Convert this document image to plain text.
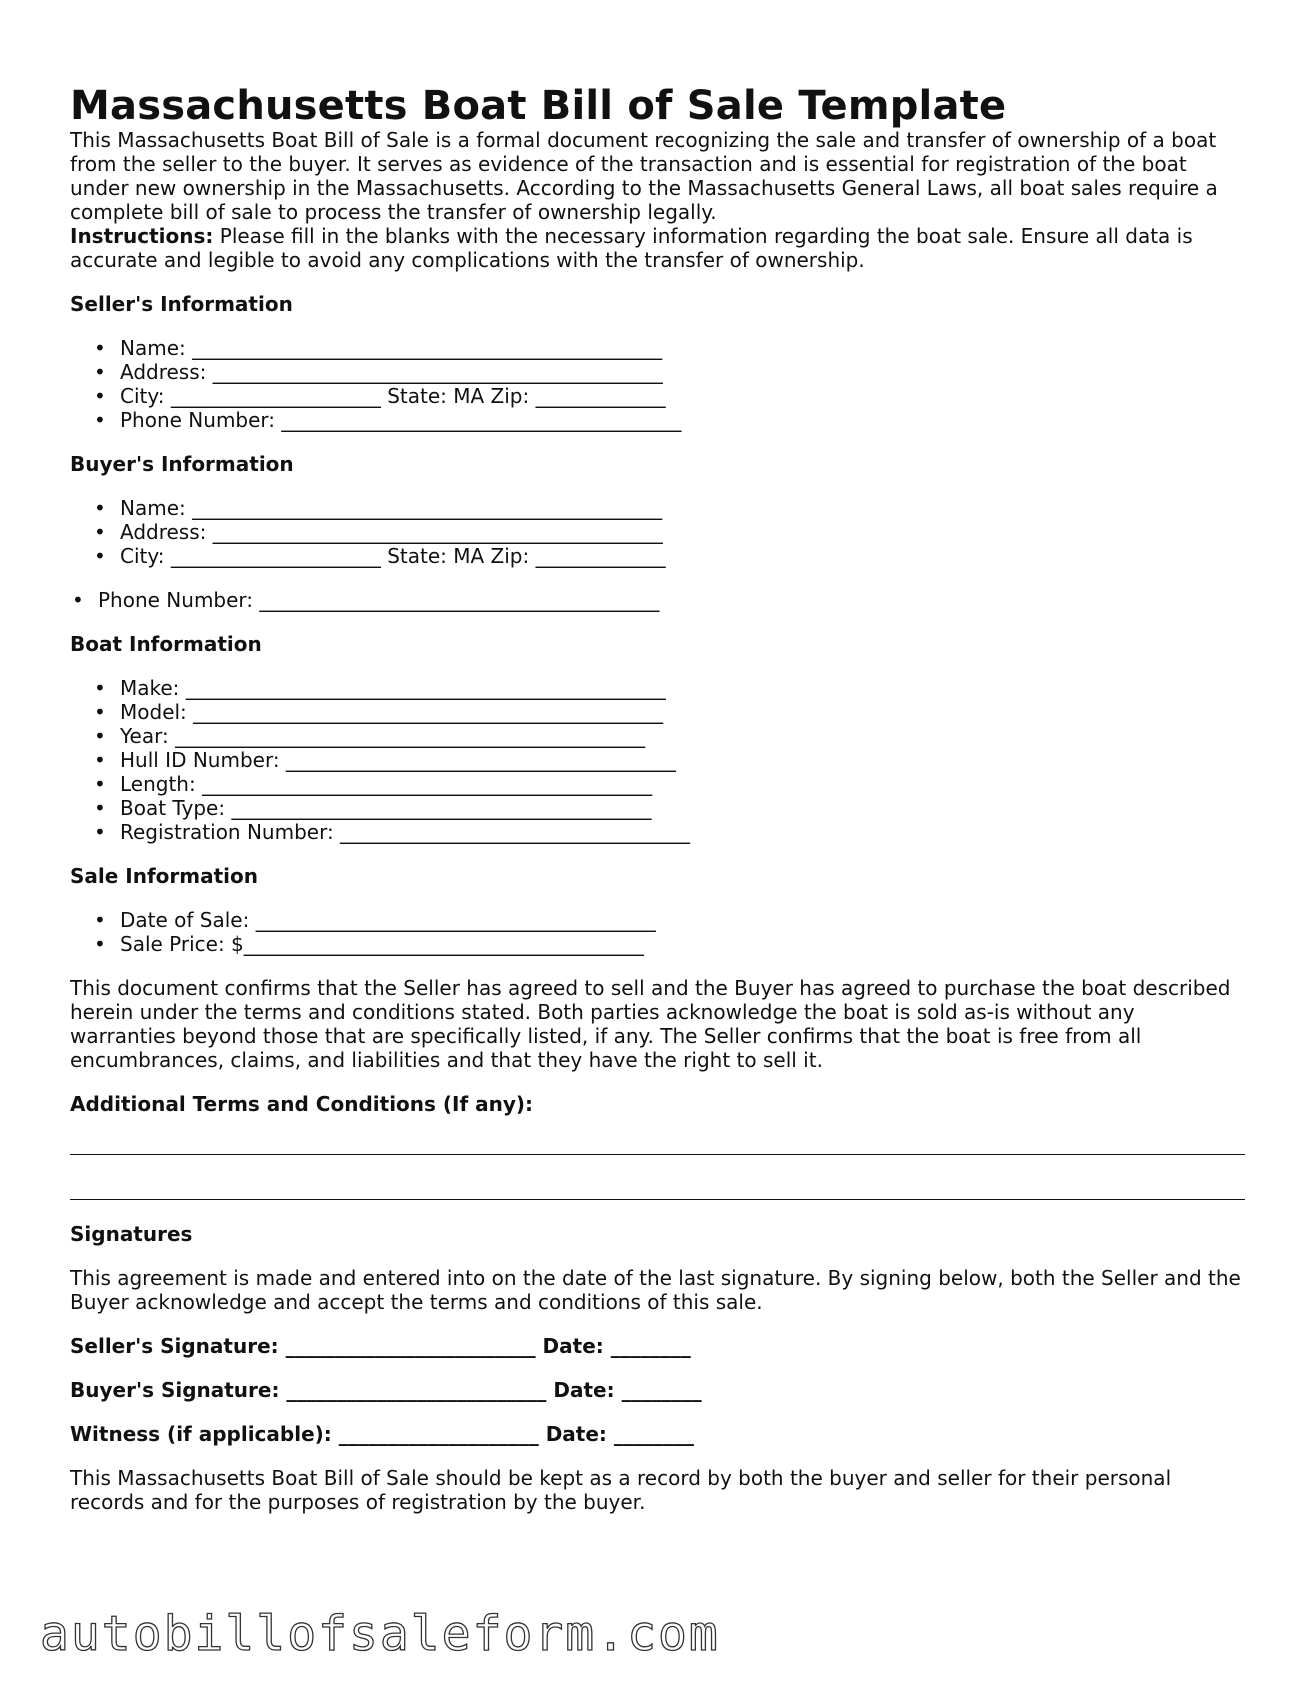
Massachusetts Boat Bill of Sale Template

This Massachusetts Boat Bill of Sale is a formal document recognizing the sale and transfer of ownership of a boat from the seller to the buyer. It serves as evidence of the transaction and is essential for registration of the boat under new ownership in the Massachusetts. According to the Massachusetts General Laws, all boat sales require a complete bill of sale to process the transfer of ownership legally.

Instructions: Please fill in the blanks with the necessary information regarding the boat sale. Ensure all data is accurate and legible to avoid any complications with the transfer of ownership.

Seller's Information
• Name: _______________________________________________
• Address: _____________________________________________
• City: _____________________ State: MA Zip: _____________
• Phone Number: ________________________________________
Buyer's Information
• Name: _______________________________________________
• Address: _____________________________________________
• City: _____________________ State: MA Zip: _____________
• Phone Number: ________________________________________
Boat Information
• Make: ________________________________________________
• Model: _______________________________________________
• Year: _______________________________________________
• Hull ID Number: _______________________________________
• Length: _____________________________________________
• Boat Type: __________________________________________
• Registration Number: ___________________________________
Sale Information
• Date of Sale: ________________________________________
• Sale Price: $________________________________________

This document confirms that the Seller has agreed to sell and the Buyer has agreed to purchase the boat described herein under the terms and conditions stated. Both parties acknowledge the boat is sold as-is without any warranties beyond those that are specifically listed, if any. The Seller confirms that the boat is free from all encumbrances, claims, and liabilities and that they have the right to sell it.

Additional Terms and Conditions (If any):
Signatures

This agreement is made and entered into on the date of the last signature. By signing below, both the Seller and the Buyer acknowledge and accept the terms and conditions of this sale.

Seller's Signature: _________________________ Date: ________
Buyer's Signature: __________________________ Date: ________
Witness (if applicable): ____________________ Date: ________

This Massachusetts Boat Bill of Sale should be kept as a record by both the buyer and seller for their personal records and for the purposes of registration by the buyer.

autobillofsaleform.com
